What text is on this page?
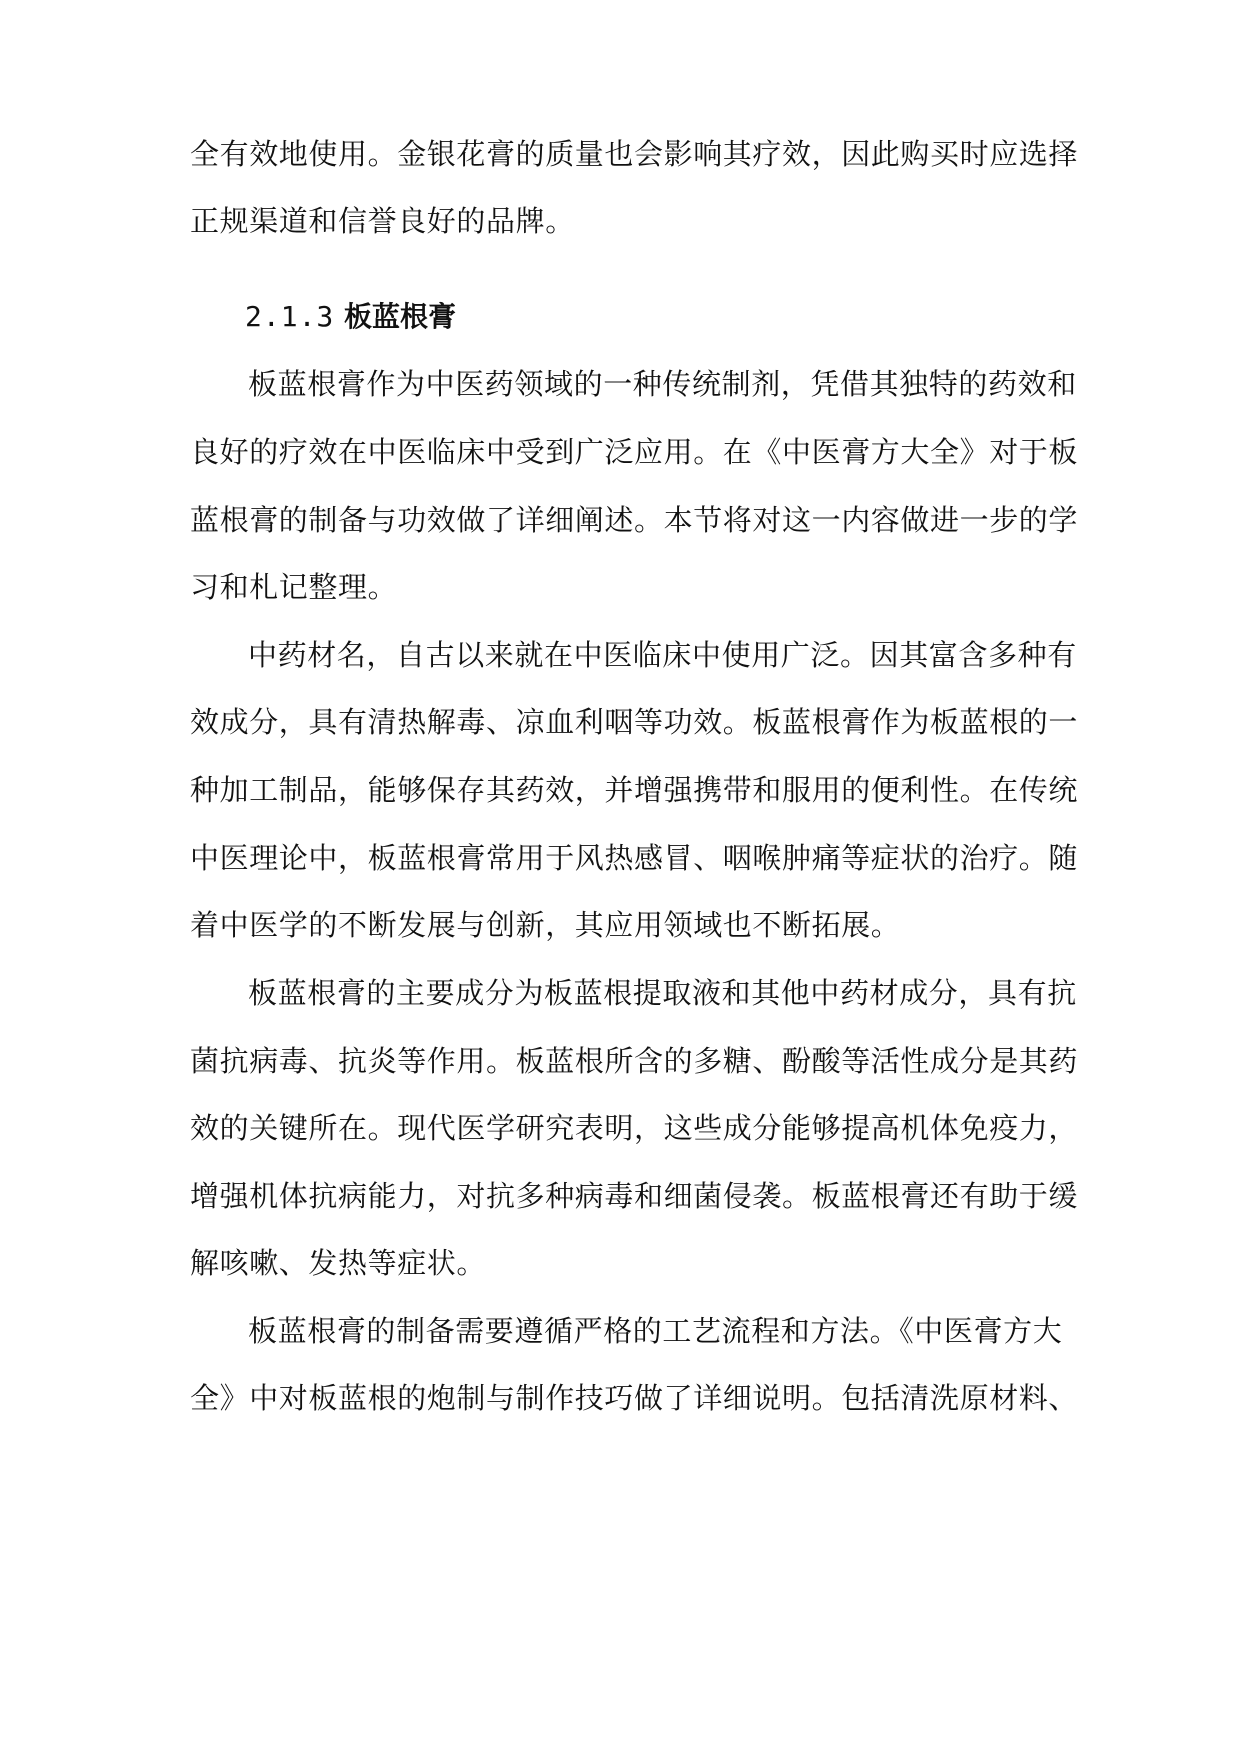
全有效地使用。金银花膏的质量也会影响其疗效，因此购买时应选择
正规渠道和信誉良好的品牌。
2.1.3 板蓝根膏
板蓝根膏作为中医药领域的一种传统制剂，凭借其独特的药效和
良好的疗效在中医临床中受到广泛应用。在《中医膏方大全》对于板
蓝根膏的制备与功效做了详细阐述。本节将对这一内容做进一步的学
习和札记整理。
中药材名，自古以来就在中医临床中使用广泛。因其富含多种有
效成分，具有清热解毒、凉血利咽等功效。板蓝根膏作为板蓝根的一
种加工制品，能够保存其药效，并增强携带和服用的便利性。在传统
中医理论中，板蓝根膏常用于风热感冒、咽喉肿痛等症状的治疗。随
着中医学的不断发展与创新，其应用领域也不断拓展。
板蓝根膏的主要成分为板蓝根提取液和其他中药材成分，具有抗
菌抗病毒、抗炎等作用。板蓝根所含的多糖、酚酸等活性成分是其药
效的关键所在。现代医学研究表明，这些成分能够提高机体免疫力，
增强机体抗病能力，对抗多种病毒和细菌侵袭。板蓝根膏还有助于缓
解咳嗽、发热等症状。
板蓝根膏的制备需要遵循严格的工艺流程和方法。《中医膏方大
全》中对板蓝根的炮制与制作技巧做了详细说明。包括清洗原材料、
